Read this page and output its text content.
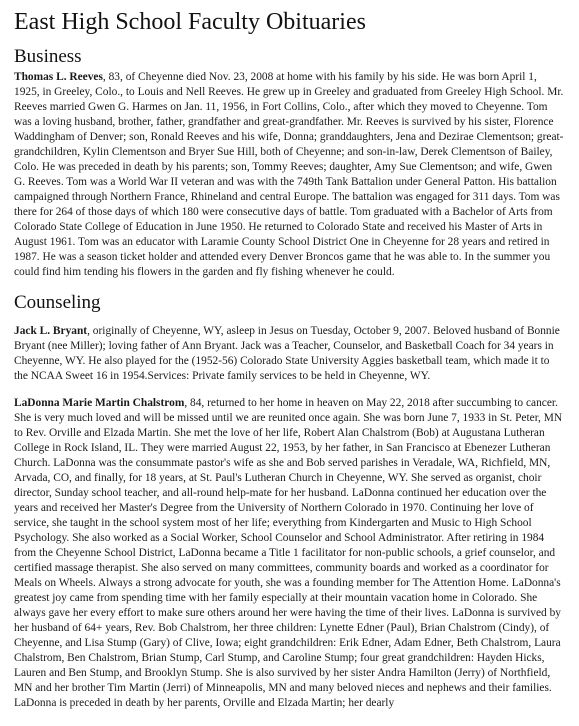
East High School Faculty Obituaries
Business

Thomas L. Reeves, 83, of Cheyenne died Nov. 23, 2008 at home with his family by his side. He was born April 1, 1925, in Greeley, Colo., to Louis and Nell Reeves. He grew up in Greeley and graduated from Greeley High School. Mr. Reeves married Gwen G. Harmes on Jan. 11, 1956, in Fort Collins, Colo., after which they moved to Cheyenne. Tom was a loving husband, brother, father, grandfather and great-grandfather. Mr. Reeves is survived by his sister, Florence Waddingham of Denver; son, Ronald Reeves and his wife, Donna; granddaughters, Jena and Dezirae Clementson; great-grandchildren, Kylin Clementson and Bryer Sue Hill, both of Cheyenne; and son-in-law, Derek Clementson of Bailey, Colo. He was preceded in death by his parents; son, Tommy Reeves; daughter, Amy Sue Clementson; and wife, Gwen G. Reeves. Tom was a World War II veteran and was with the 749th Tank Battalion under General Patton. His battalion campaigned through Northern France, Rhineland and central Europe. The battalion was engaged for 311 days. Tom was there for 264 of those days of which 180 were consecutive days of battle. Tom graduated with a Bachelor of Arts from Colorado State College of Education in June 1950. He returned to Colorado State and received his Master of Arts in August 1961. Tom was an educator with Laramie County School District One in Cheyenne for 28 years and retired in 1987. He was a season ticket holder and attended every Denver Broncos game that he was able to. In the summer you could find him tending his flowers in the garden and fly fishing whenever he could.

Counseling

Jack L. Bryant, originally of Cheyenne, WY, asleep in Jesus on Tuesday, October 9, 2007. Beloved husband of Bonnie Bryant (nee Miller); loving father of Ann Bryant. Jack was a Teacher, Counselor, and Basketball Coach for 34 years in Cheyenne, WY. He also played for the (1952-56) Colorado State University Aggies basketball team, which made it to the NCAA Sweet 16 in 1954.Services: Private family services to be held in Cheyenne, WY.

LaDonna Marie Martin Chalstrom, 84, returned to her home in heaven on May 22, 2018 after succumbing to cancer. She is very much loved and will be missed until we are reunited once again. She was born June 7, 1933 in St. Peter, MN to Rev. Orville and Elzada Martin. She met the love of her life, Robert Alan Chalstrom (Bob) at Augustana Lutheran College in Rock Island, IL. They were married August 22, 1953, by her father, in San Francisco at Ebenezer Lutheran Church. LaDonna was the consummate pastor's wife as she and Bob served parishes in Veradale, WA, Richfield, MN, Arvada, CO, and finally, for 18 years, at St. Paul's Lutheran Church in Cheyenne, WY. She served as organist, choir director, Sunday school teacher, and all-round help-mate for her husband. LaDonna continued her education over the years and received her Master's Degree from the University of Northern Colorado in 1970. Continuing her love of service, she taught in the school system most of her life; everything from Kindergarten and Music to High School Psychology. She also worked as a Social Worker, School Counselor and School Administrator. After retiring in 1984 from the Cheyenne School District, LaDonna became a Title 1 facilitator for non-public schools, a grief counselor, and certified massage therapist. She also served on many committees, community boards and worked as a coordinator for Meals on Wheels. Always a strong advocate for youth, she was a founding member for The Attention Home. LaDonna's greatest joy came from spending time with her family especially at their mountain vacation home in Colorado. She always gave her every effort to make sure others around her were having the time of their lives. LaDonna is survived by her husband of 64+ years, Rev. Bob Chalstrom, her three children: Lynette Edner (Paul), Brian Chalstrom (Cindy), of Cheyenne, and Lisa Stump (Gary) of Clive, Iowa; eight grandchildren: Erik Edner, Adam Edner, Beth Chalstrom, Laura Chalstrom, Ben Chalstrom, Brian Stump, Carl Stump, and Caroline Stump; four great grandchildren: Hayden Hicks, Lauren and Ben Stump, and Brooklyn Stump. She is also survived by her sister Andra Hamilton (Jerry) of Northfield, MN and her brother Tim Martin (Jerri) of Minneapolis, MN and many beloved nieces and nephews and their families. LaDonna is preceded in death by her parents, Orville and Elzada Martin; her dearly
